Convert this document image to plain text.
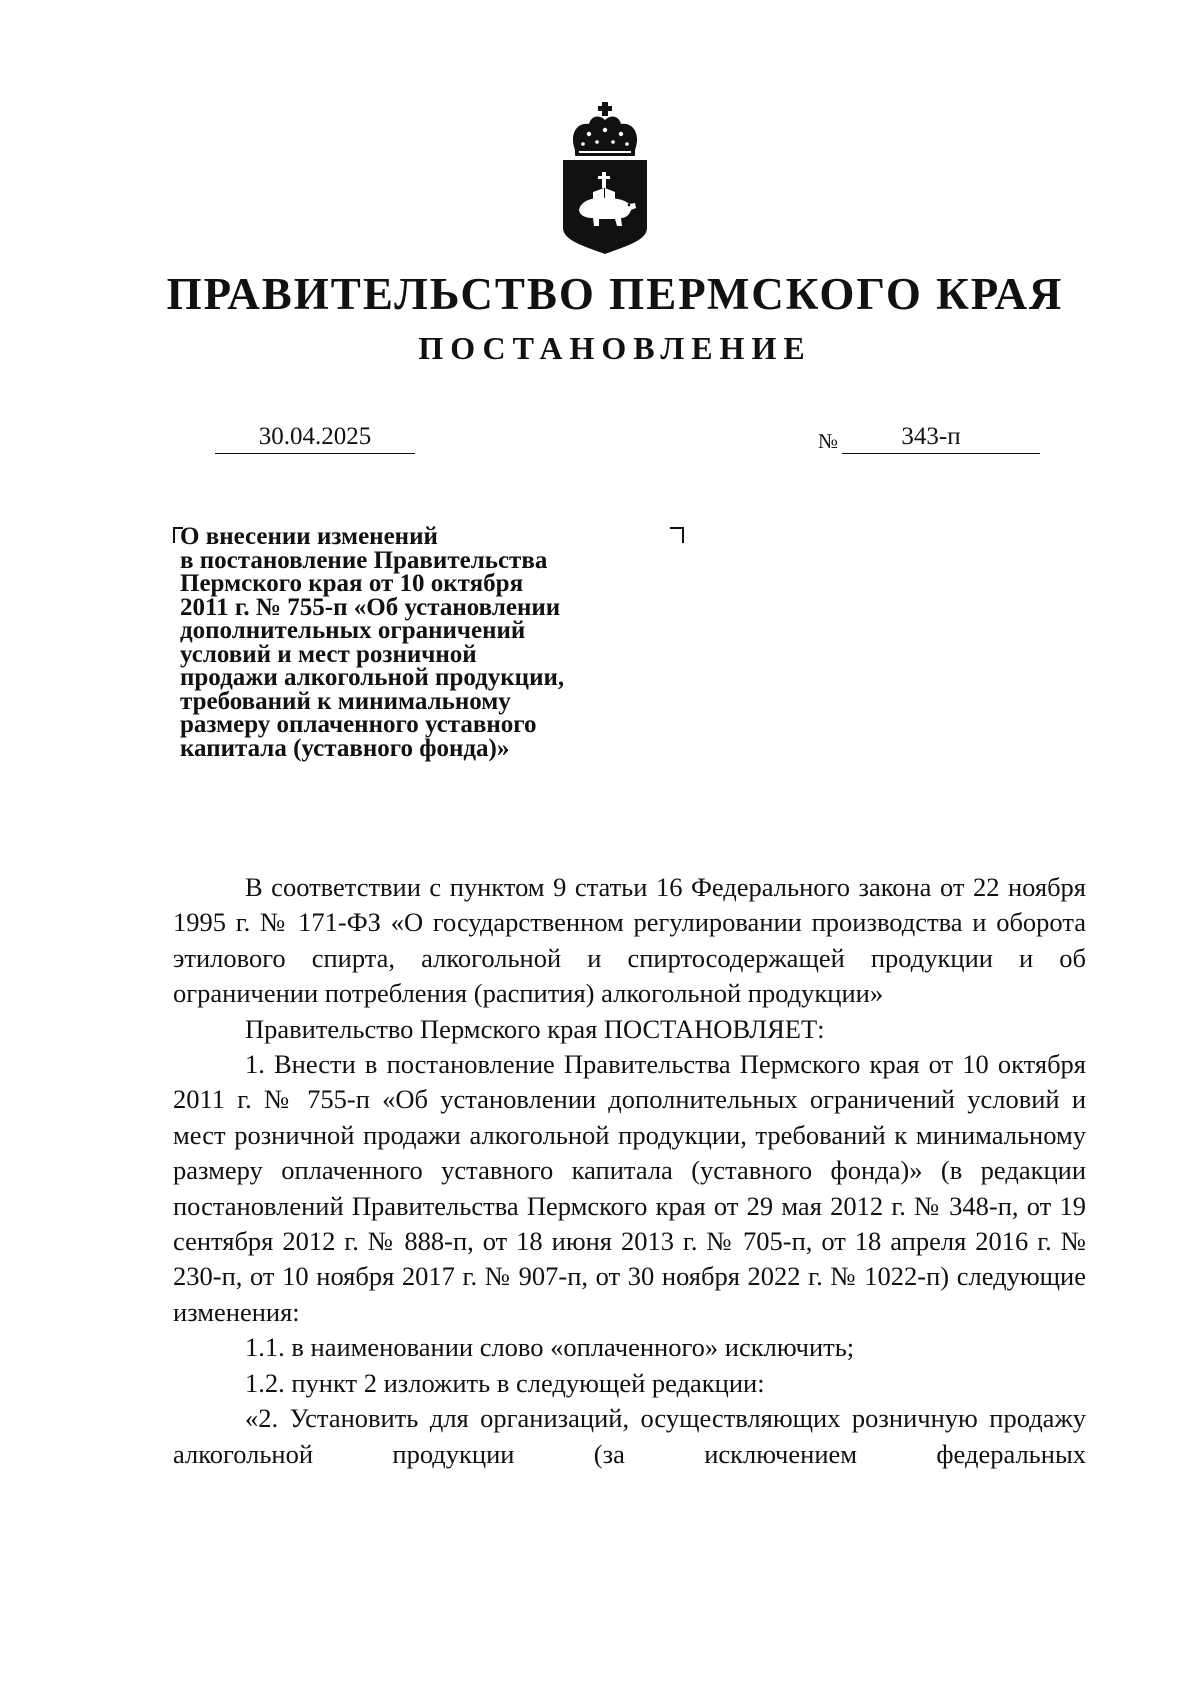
ПРАВИТЕЛЬСТВО ПЕРМСКОГО КРАЯ
ПОСТАНОВЛЕНИЕ
30.04.2025	№	343-п
О внесении изменений
в постановление Правительства
Пермского края от 10 октября
2011 г. № 755-п «Об установлении
дополнительных ограничений
условий и мест розничной
продажи алкогольной продукции,
требований к минимальному
размеру оплаченного уставного
капитала (уставного фонда)»

В соответствии с пунктом 9 статьи 16 Федерального закона от 22 ноября 1995 г. № 171-ФЗ «О государственном регулировании производства и оборота этилового спирта, алкогольной и спиртосодержащей продукции и об ограничении потребления (распития) алкогольной продукции»

Правительство Пермского края ПОСТАНОВЛЯЕТ:

1. Внести в постановление Правительства Пермского края от 10 октября 2011 г. № 755-п «Об установлении дополнительных ограничений условий и мест розничной продажи алкогольной продукции, требований к минимальному размеру оплаченного уставного капитала (уставного фонда)» (в редакции постановлений Правительства Пермского края от 29 мая 2012 г. № 348-п, от 19 сентября 2012 г. № 888-п, от 18 июня 2013 г. № 705-п, от 18 апреля 2016 г. № 230-п, от 10 ноября 2017 г. № 907-п, от 30 ноября 2022 г. № 1022-п) следующие изменения:

1.1. в наименовании слово «оплаченного» исключить;

1.2. пункт 2 изложить в следующей редакции:

«2. Установить для организаций, осуществляющих розничную продажу алкогольной продукции (за исключением федеральных
